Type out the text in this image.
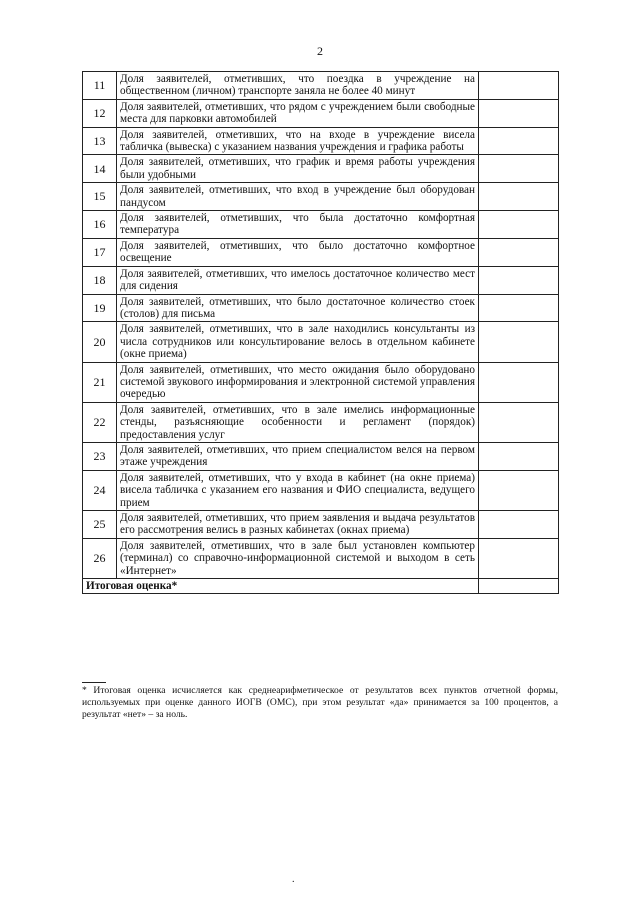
2
11	Доля заявителей, отметивших, что поездка в учреждение на общественном (личном) транспорте заняла не более 40 минут	
12	Доля заявителей, отметивших, что рядом с учреждением были свободные места для парковки автомобилей	
13	Доля заявителей, отметивших, что на входе в учреждение висела табличка (вывеска) с указанием названия учреждения и графика работы	
14	Доля заявителей, отметивших, что график и время работы учреждения были удобными	
15	Доля заявителей, отметивших, что вход в учреждение был оборудован пандусом	
16	Доля заявителей, отметивших, что была достаточно комфортная температура	
17	Доля заявителей, отметивших, что было достаточно комфортное освещение	
18	Доля заявителей, отметивших, что имелось достаточное количество мест для сидения	
19	Доля заявителей, отметивших, что было достаточное количество стоек (столов) для письма	
20	Доля заявителей, отметивших, что в зале находились консультанты из числа сотрудников или консультирование велось в отдельном кабинете (окне приема)	
21	Доля заявителей, отметивших, что место ожидания было оборудовано системой звукового информирования и электронной системой управления очередью	
22	Доля заявителей, отметивших, что в зале имелись информационные стенды, разъясняющие особенности и регламент (порядок) предоставления услуг	
23	Доля заявителей, отметивших, что прием специалистом велся на первом этаже учреждения	
24	Доля заявителей, отметивших, что у входа в кабинет (на окне приема) висела табличка с указанием его названия и ФИО специалиста, ведущего прием	
25	Доля заявителей, отметивших, что прием заявления и выдача результатов его рассмотрения велись в разных кабинетах (окнах приема)	
26	Доля заявителей, отметивших, что в зале был установлен компьютер (терминал) со справочно-информационной системой и выходом в сеть «Интернет»	
Итоговая оценка*		
* Итоговая оценка исчисляется как среднеарифметическое от результатов всех пунктов отчетной формы, используемых при оценке данного ИОГВ (ОМС), при этом результат «да» принимается за 100 процентов, а результат «нет» – за ноль.
.
